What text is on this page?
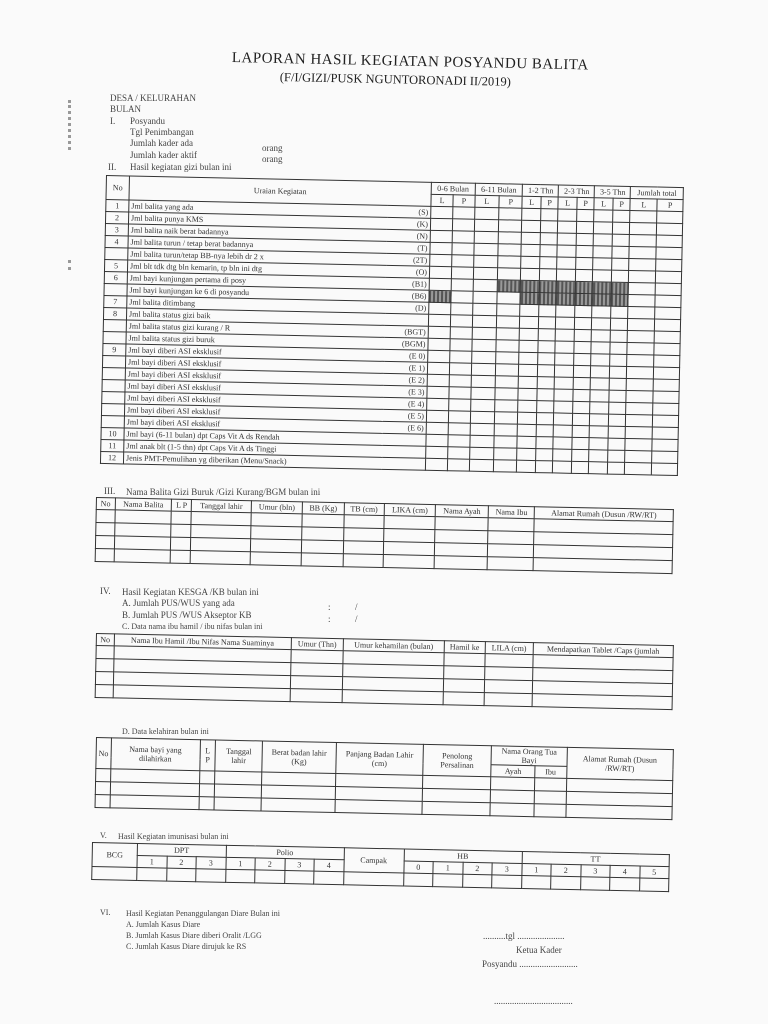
LAPORAN HASIL KEGIATAN POSYANDU BALITA
(F/I/GIZI/PUSK NGUNTORONADI II/2019)
DESA / KELURAHAN
BULAN
I. Posyandu
Tgl Penimbangan
Jumlah kader ada	orang
Jumlah kader aktif	orang
II. Hasil kegiatan gizi bulan ini
No	Uraian Kegiatan		0-6 Bulan		6-11 Bulan		1-2 Thn		2-3 Thn		3-5 Thn		Jumlah total	
			L	P	L	P	L	P	L	P	L	P	L	P
1	Jml balita yang ada	(S)												
2	Jml balita punya KMS	(K)												
3	Jml balita naik berat badannya	(N)												
4	Jml balita turun / tetap berat badannya	(T)												
	Jml balita turun/tetap BB-nya lebih dr 2 x	(2T)												
5	Jml blt tdk dtg bln kemarin, tp bln ini dtg	(O)												
6	Jml bayi kunjungan pertama di posy	(B1)												
	Jml bayi kunjungan ke 6 di posyandu	(B6)												
7	Jml balita ditimbang	(D)												
8	Jml balita status gizi baik													
	Jml balita status gizi kurang / R	(BGT)												
	Jml balita status gizi buruk	(BGM)												
9	Jml bayi diberi ASI eksklusif	(E 0)												
	Jml bayi diberi ASI eksklusif	(E 1)												
	Jml bayi diberi ASI eksklusif	(E 2)												
	Jml bayi diberi ASI eksklusif	(E 3)												
	Jml bayi diberi ASI eksklusif	(E 4)												
	Jml bayi diberi ASI eksklusif	(E 5)												
	Jml bayi diberi ASI eksklusif	(E 6)												
10	Jml bayi (6-11 bulan) dpt Caps Vit A ds Rendah													
11	Jml anak blt (1-5 thn) dpt Caps Vit A ds Tinggi													
12	Jenis PMT-Pemulihan yg diberikan (Menu/Snack)													
III. Nama Balita Gizi Buruk /Gizi Kurang/BGM bulan ini
No	Nama Balita	L P	Tanggal lahir	Umur (bln)	BB (Kg)	TB (cm)	LIKA (cm)	Nama Ayah	Nama Ibu	Alamat Rumah (Dusun /RW/RT)

IV. Hasil Kegiatan KESGA /KB bulan ini
A. Jumlah PUS/WUS yang ada	:	/
B. Jumlah PUS /WUS Akseptor KB	:	/
C. Data nama ibu hamil / ibu nifas bulan ini
No	Nama Ibu Hamil /Ibu Nifas Nama Suaminya	Umur (Thn)	Umur kehamilan (bulan)	Hamil ke	LILA (cm)	Mendapatkan Tablet /Caps (jumlah

D. Data kelahiran bulan ini
No	Nama bayi yang dilahirkan	L P	Tanggal lahir	Berat badan lahir (Kg)	Panjang Badan Lahir (cm)	Penolong Persalinan	Nama Orang Tua Bayi		Alamat Rumah (Dusun /RW/RT)
							Ayah	Ibu	

V. Hasil Kegiatan imunisasi bulan ini
BCG	DPT			Polio				Campak	HB				TT				
	1	2	3	1	2	3	4		0	1	2	3	1	2	3	4	5

VI. Hasil Kegiatan Penanggulangan Diare Bulan ini
A. Jumlah Kasus Diare
B. Jumlah Kasus Diare diberi Oralit /LGG
C. Jumlah Kasus Diare dirujuk ke RS
..........tgl .....................
Ketua Kader
Posyandu ..........................
...................................
